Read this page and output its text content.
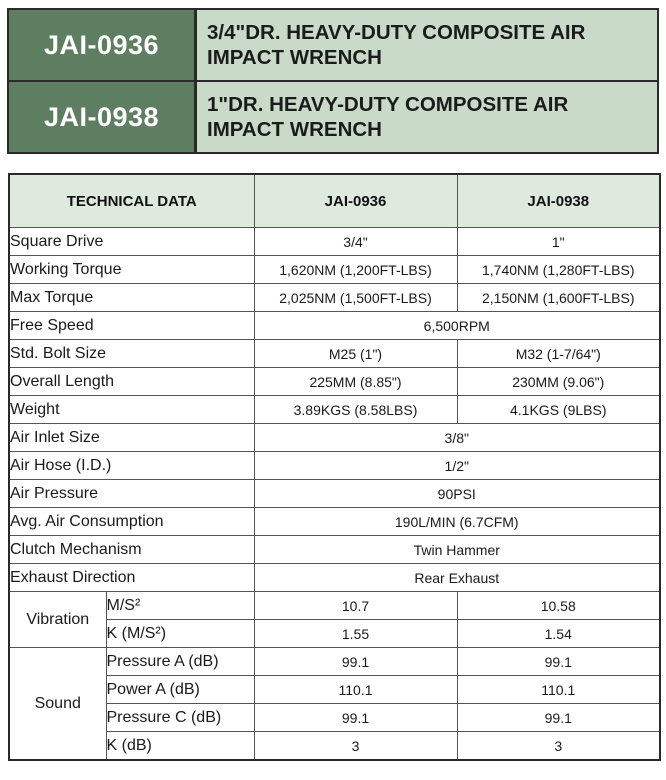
JAI-0936	3/4"DR. HEAVY-DUTY COMPOSITE AIR
IMPACT WRENCH
JAI-0938	1"DR. HEAVY-DUTY COMPOSITE AIR
IMPACT WRENCH
TECHNICAL DATA		JAI-0936	JAI-0938
Square Drive		3/4"	1"
Working Torque		1,620NM (1,200FT-LBS)	1,740NM (1,280FT-LBS)
Max Torque		2,025NM (1,500FT-LBS)	2,150NM (1,600FT-LBS)
Free Speed		6,500RPM	
Std. Bolt Size		M25 (1")	M32 (1-7/64")
Overall Length		225MM (8.85")	230MM (9.06")
Weight		3.89KGS (8.58LBS)	4.1KGS (9LBS)
Air Inlet Size		3/8"	
Air Hose (I.D.)		1/2"	
Air Pressure		90PSI	
Avg. Air Consumption		190L/MIN (6.7CFM)	
Clutch Mechanism		Twin Hammer	
Exhaust Direction		Rear Exhaust	
Vibration	M/S²	10.7	10.58
	K (M/S²)	1.55	1.54
Sound	Pressure A (dB)	99.1	99.1
	Power A (dB)	110.1	110.1
	Pressure C (dB)	99.1	99.1
	K (dB)	3	3
